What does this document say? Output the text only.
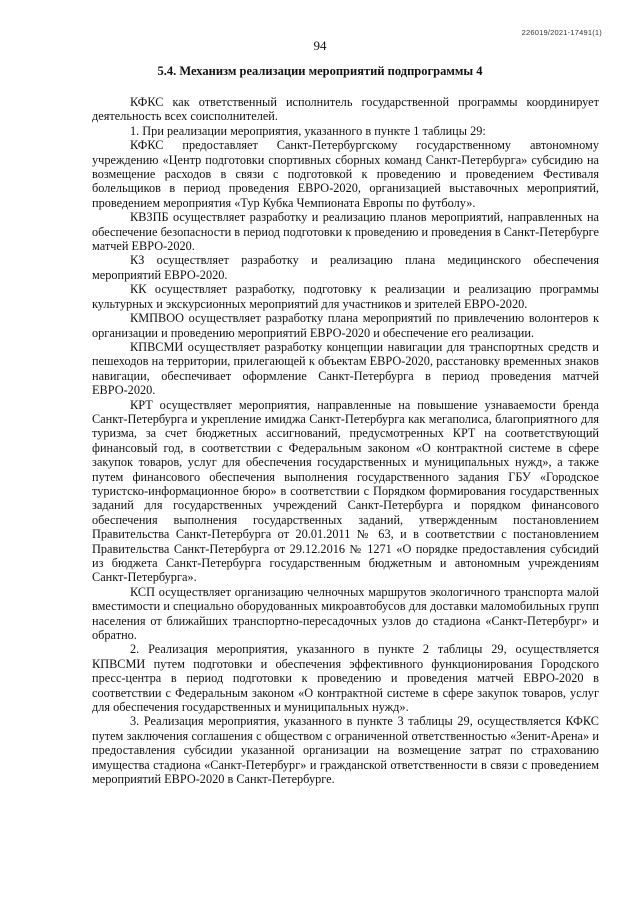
226019/2021-17491(1)
94
5.4. Механизм реализации мероприятий подпрограммы 4

КФКС как ответственный исполнитель государственной программы координирует деятельность всех соисполнителей.

1. При реализации мероприятия, указанного в пункте 1 таблицы 29:

КФКС предоставляет Санкт-Петербургскому государственному автономному учреждению «Центр подготовки спортивных сборных команд Санкт-Петербурга» субсидию на возмещение расходов в связи с подготовкой к проведению и проведением Фестиваля болельщиков в период проведения ЕВРО-2020, организацией выставочных мероприятий, проведением мероприятия «Тур Кубка Чемпионата Европы по футболу».

КВЗПБ осуществляет разработку и реализацию планов мероприятий, направленных на обеспечение безопасности в период подготовки к проведению и проведения в Санкт-Петербурге матчей ЕВРО-2020.

КЗ осуществляет разработку и реализацию плана медицинского обеспечения мероприятий ЕВРО-2020.

КК осуществляет разработку, подготовку к реализации и реализацию программы культурных и экскурсионных мероприятий для участников и зрителей ЕВРО-2020.

КМПВОО осуществляет разработку плана мероприятий по привлечению волонтеров к организации и проведению мероприятий ЕВРО-2020 и обеспечение его реализации.

КПВСМИ осуществляет разработку концепции навигации для транспортных средств и пешеходов на территории, прилегающей к объектам ЕВРО-2020, расстановку временных знаков навигации, обеспечивает оформление Санкт-Петербурга в период проведения матчей ЕВРО-2020.

КРТ осуществляет мероприятия, направленные на повышение узнаваемости бренда Санкт-Петербурга и укрепление имиджа Санкт-Петербурга как мегаполиса, благоприятного для туризма, за счет бюджетных ассигнований, предусмотренных КРТ на соответствующий финансовый год, в соответствии с Федеральным законом «О контрактной системе в сфере закупок товаров, услуг для обеспечения государственных и муниципальных нужд», а также путем финансового обеспечения выполнения государственного задания ГБУ «Городское туристско-информационное бюро» в соответствии с Порядком формирования государственных заданий для государственных учреждений Санкт-Петербурга и порядком финансового обеспечения выполнения государственных заданий, утвержденным постановлением Правительства Санкт-Петербурга от 20.01.2011 № 63, и в соответствии с постановлением Правительства Санкт-Петербурга от 29.12.2016 № 1271 «О порядке предоставления субсидий из бюджета Санкт-Петербурга государственным бюджетным и автономным учреждениям Санкт-Петербурга».

КСП осуществляет организацию челночных маршрутов экологичного транспорта малой вместимости и специально оборудованных микроавтобусов для доставки маломобильных групп населения от ближайших транспортно-пересадочных узлов до стадиона «Санкт-Петербург» и обратно.

2. Реализация мероприятия, указанного в пункте 2 таблицы 29, осуществляется КПВСМИ путем подготовки и обеспечения эффективного функционирования Городского пресс-центра в период подготовки к проведению и проведения матчей ЕВРО-2020 в соответствии с Федеральным законом «О контрактной системе в сфере закупок товаров, услуг для обеспечения государственных и муниципальных нужд».

3. Реализация мероприятия, указанного в пункте 3 таблицы 29, осуществляется КФКС путем заключения соглашения с обществом с ограниченной ответственностью «Зенит-Арена» и предоставления субсидии указанной организации на возмещение затрат по страхованию имущества стадиона «Санкт-Петербург» и гражданской ответственности в связи с проведением мероприятий ЕВРО-2020 в Санкт-Петербурге.
